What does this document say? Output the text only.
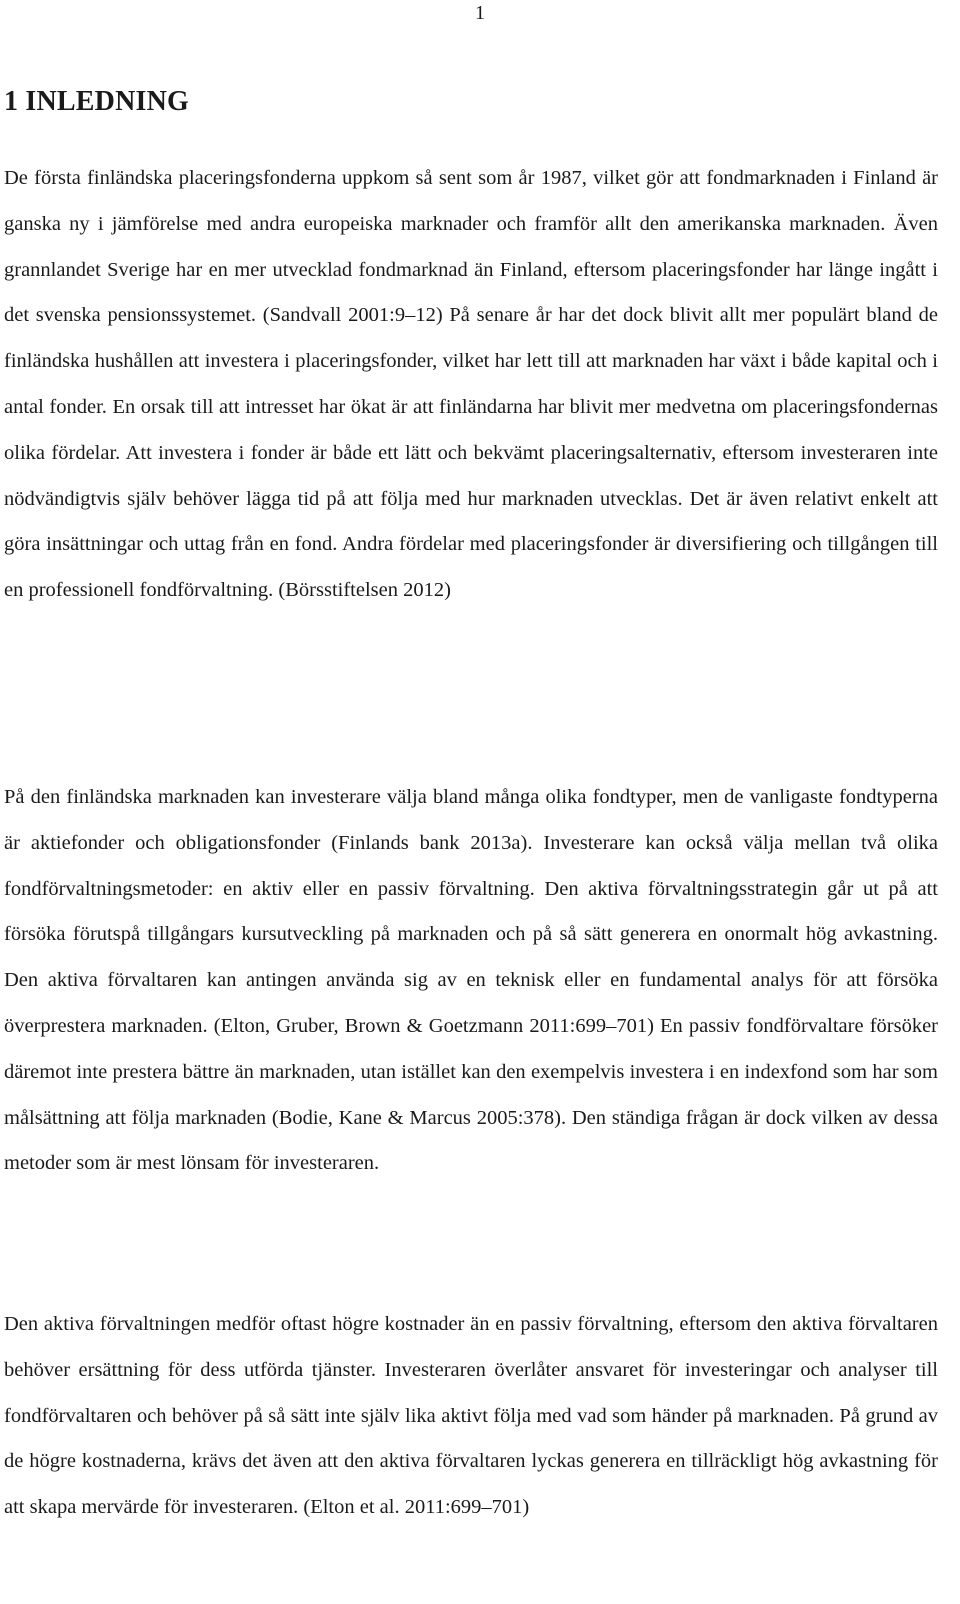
1
1 INLEDNING

De första finländska placeringsfonderna uppkom så sent som år 1987, vilket gör att fondmarknaden i Finland är ganska ny i jämförelse med andra europeiska marknader och framför allt den amerikanska marknaden. Även grannlandet Sverige har en mer utvecklad fondmarknad än Finland, eftersom placeringsfonder har länge ingått i det svenska pensionssystemet. (Sandvall 2001:9–12) På senare år har det dock blivit allt mer populärt bland de finländska hushållen att investera i placeringsfonder, vilket har lett till att marknaden har växt i både kapital och i antal fonder. En orsak till att intresset har ökat är att finländarna har blivit mer medvetna om placeringsfondernas olika fördelar. Att investera i fonder är både ett lätt och bekvämt placeringsalternativ, eftersom investeraren inte nödvändigtvis själv behöver lägga tid på att följa med hur marknaden utvecklas. Det är även relativt enkelt att göra insättningar och uttag från en fond. Andra fördelar med placeringsfonder är diversifiering och tillgången till en professionell fondförvaltning. (Börsstiftelsen 2012)

På den finländska marknaden kan investerare välja bland många olika fondtyper, men de vanligaste fondtyperna är aktiefonder och obligationsfonder (Finlands bank 2013a). Investerare kan också välja mellan två olika fondförvaltningsmetoder: en aktiv eller en passiv förvaltning. Den aktiva förvaltningsstrategin går ut på att försöka förutspå tillgångars kursutveckling på marknaden och på så sätt generera en onormalt hög avkastning. Den aktiva förvaltaren kan antingen använda sig av en teknisk eller en fundamental analys för att försöka överprestera marknaden. (Elton, Gruber, Brown & Goetzmann 2011:699–701) En passiv fondförvaltare försöker däremot inte prestera bättre än marknaden, utan istället kan den exempelvis investera i en indexfond som har som målsättning att följa marknaden (Bodie, Kane & Marcus 2005:378). Den ständiga frågan är dock vilken av dessa metoder som är mest lönsam för investeraren.

Den aktiva förvaltningen medför oftast högre kostnader än en passiv förvaltning, eftersom den aktiva förvaltaren behöver ersättning för dess utförda tjänster. Investeraren överlåter ansvaret för investeringar och analyser till fondförvaltaren och behöver på så sätt inte själv lika aktivt följa med vad som händer på marknaden. På grund av de högre kostnaderna, krävs det även att den aktiva förvaltaren lyckas generera en tillräckligt hög avkastning för att skapa mervärde för investeraren. (Elton et al. 2011:699–701)
